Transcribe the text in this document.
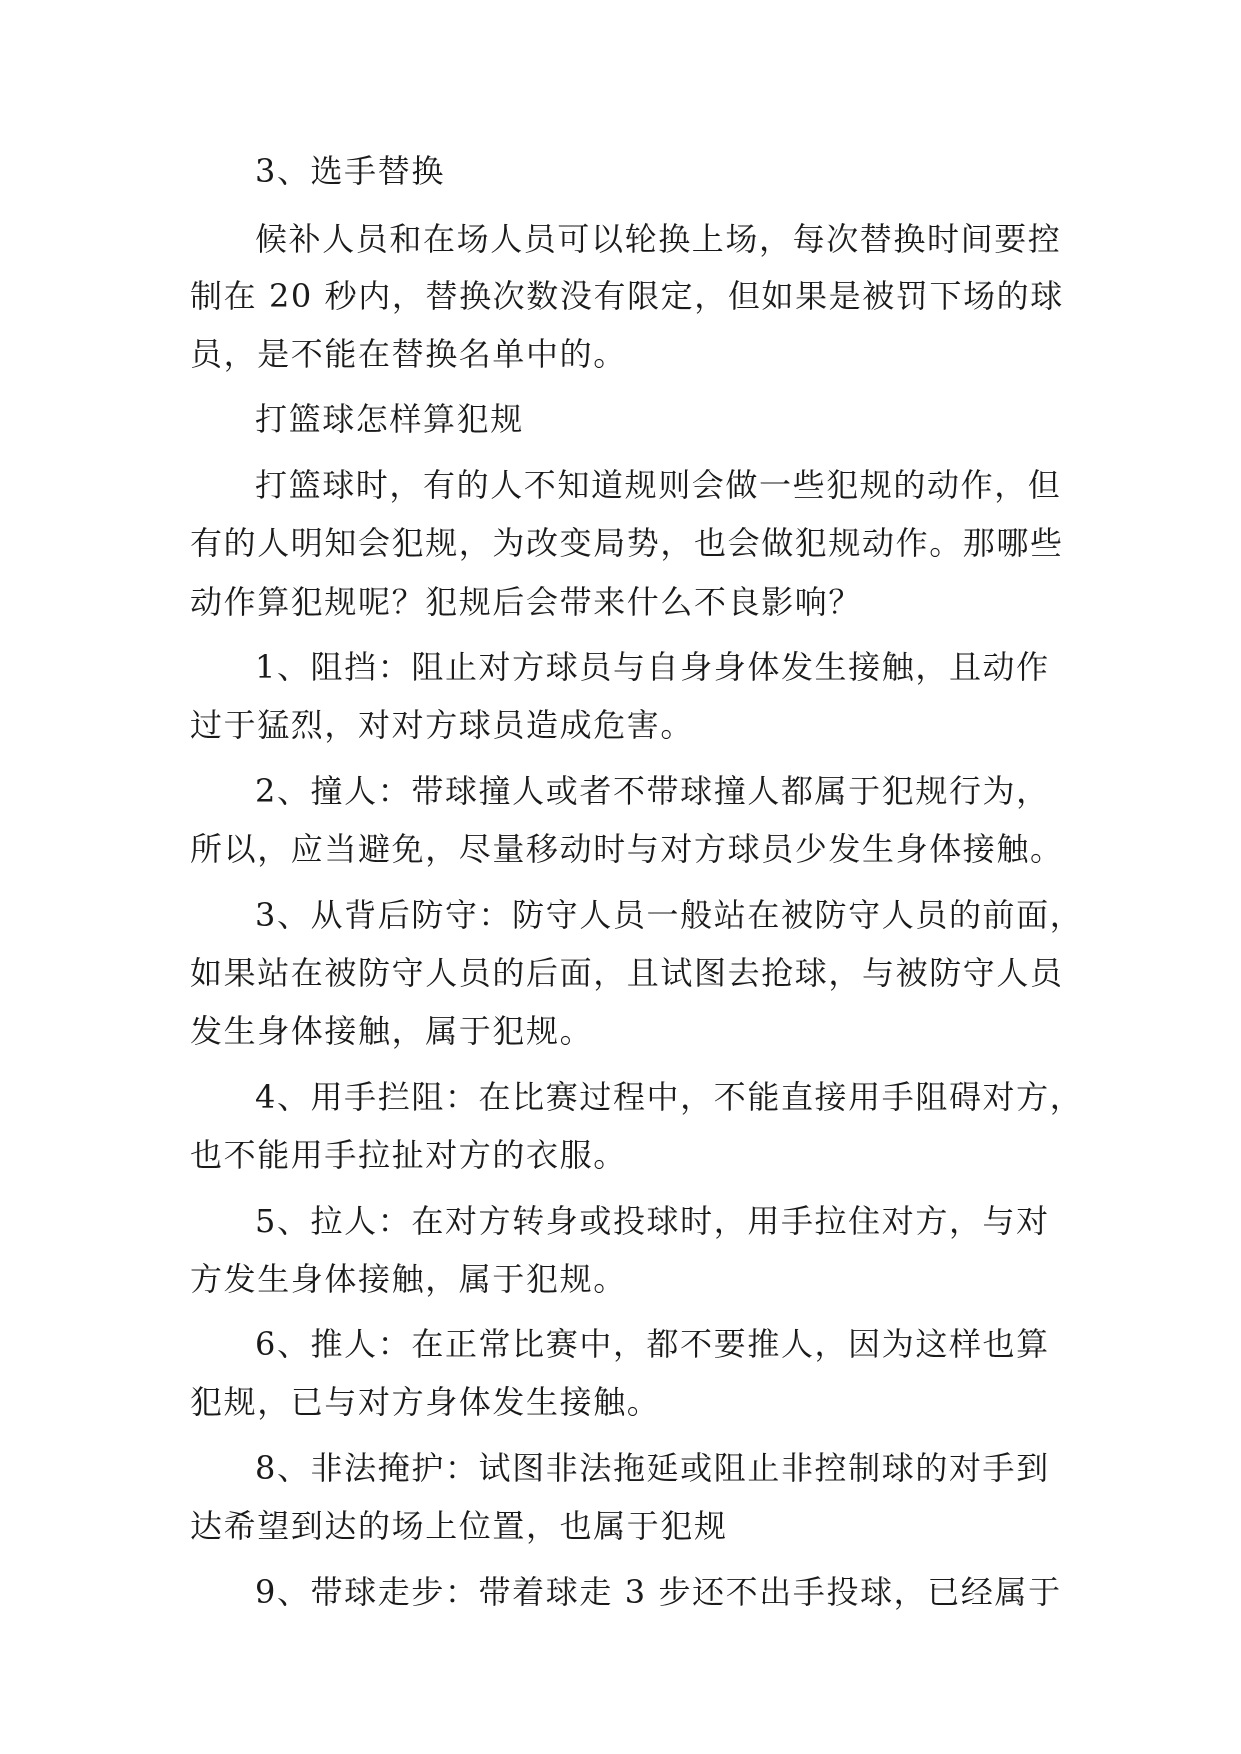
3、选手替换
候补人员和在场人员可以轮换上场，每次替换时间要控
制在 20 秒内，替换次数没有限定，但如果是被罚下场的球
员，是不能在替换名单中的。
打篮球怎样算犯规
打篮球时，有的人不知道规则会做一些犯规的动作，但
有的人明知会犯规，为改变局势，也会做犯规动作。那哪些
动作算犯规呢？犯规后会带来什么不良影响？
1、阻挡：阻止对方球员与自身身体发生接触，且动作
过于猛烈，对对方球员造成危害。
2、撞人：带球撞人或者不带球撞人都属于犯规行为，
所以，应当避免，尽量移动时与对方球员少发生身体接触。
3、从背后防守：防守人员一般站在被防守人员的前面，
如果站在被防守人员的后面，且试图去抢球，与被防守人员
发生身体接触，属于犯规。
4、用手拦阻：在比赛过程中，不能直接用手阻碍对方，
也不能用手拉扯对方的衣服。
5、拉人：在对方转身或投球时，用手拉住对方，与对
方发生身体接触，属于犯规。
6、推人：在正常比赛中，都不要推人，因为这样也算
犯规，已与对方身体发生接触。
8、非法掩护：试图非法拖延或阻止非控制球的对手到
达希望到达的场上位置，也属于犯规
9、带球走步：带着球走 3 步还不出手投球，已经属于
